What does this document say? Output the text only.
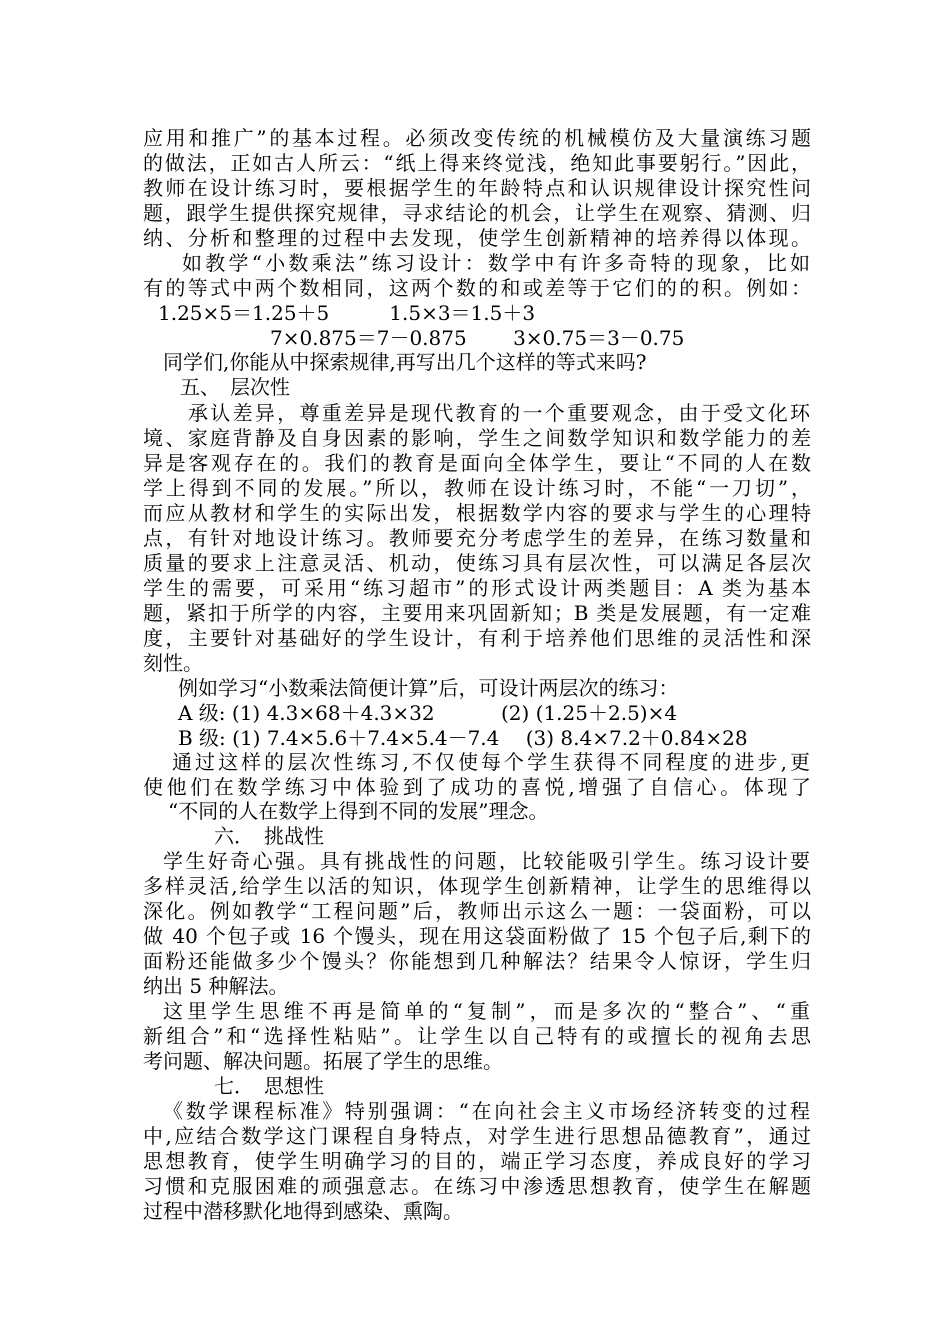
应用和推广”的基本过程。必须改变传统的机械模仿及大量演练习题
的做法，正如古人所云：“纸上得来终觉浅，绝知此事要躬行。”因此，
教师在设计练习时，要根据学生的年龄特点和认识规律设计探究性问
题，跟学生提供探究规律，寻求结论的机会，让学生在观察、猜测、归
纳、分析和整理的过程中去发现，使学生创新精神的培养得以体现。
如教学“小数乘法”练习设计：数学中有许多奇特的现象，比如
有的等式中两个数相同，这两个数的和或差等于它们的的积。例如：
1.25×5＝1.25＋5　　　1.5×3＝1.5＋3
7×0.875＝7－0.875　　 3×0.75＝3－0.75
同学们,你能从中探索规律,再写出几个这样的等式来吗?
五、　层次性
承认差异，尊重差异是现代教育的一个重要观念，由于受文化环
境、家庭背静及自身因素的影响，学生之间数学知识和数学能力的差
异是客观存在的。我们的教育是面向全体学生，要让“不同的人在数
学上得到不同的发展。”所以，教师在设计练习时，不能“一刀切”，
而应从教材和学生的实际出发，根据数学内容的要求与学生的心理特
点，有针对地设计练习。教师要充分考虑学生的差异，在练习数量和
质量的要求上注意灵活、机动，使练习具有层次性，可以满足各层次
学生的需要，可采用“练习超市”的形式设计两类题目：A 类为基本
题，紧扣于所学的内容，主要用来巩固新知；B 类是发展题，有一定难
度，主要针对基础好的学生设计，有利于培养他们思维的灵活性和深
刻性。
例如学习“小数乘法简便计算”后，可设计两层次的练习：
A 级: (1) 4.3×68＋4.3×32　　　 (2) (1.25＋2.5)×4
B 级: (1) 7.4×5.6＋7.4×5.4－7.4　 (3) 8.4×7.2＋0.84×28
通过这样的层次性练习,不仅使每个学生获得不同程度的进步,更
使他们在数学练习中体验到了成功的喜悦,增强了自信心。体现了
“不同的人在数学上得到不同的发展”理念。
六．　挑战性
学生好奇心强。具有挑战性的问题，比较能吸引学生。练习设计要
多样灵活,给学生以活的知识，体现学生创新精神，让学生的思维得以
深化。例如教学“工程问题”后，教师出示这么一题：一袋面粉，可以
做 40 个包子或 16 个馒头，现在用这袋面粉做了 15 个包子后,剩下的
面粉还能做多少个馒头？你能想到几种解法？结果令人惊讶，学生归
纳出 5 种解法。
这里学生思维不再是简单的“复制”，而是多次的“整合”、“重
新组合”和“选择性粘贴”。让学生以自己特有的或擅长的视角去思
考问题、解决问题。拓展了学生的思维。
七．　思想性
《数学课程标准》特别强调：“在向社会主义市场经济转变的过程
中,应结合数学这门课程自身特点，对学生进行思想品德教育”，通过
思想教育，使学生明确学习的目的，端正学习态度，养成良好的学习
习惯和克服困难的顽强意志。在练习中渗透思想教育，使学生在解题
过程中潜移默化地得到感染、熏陶。
